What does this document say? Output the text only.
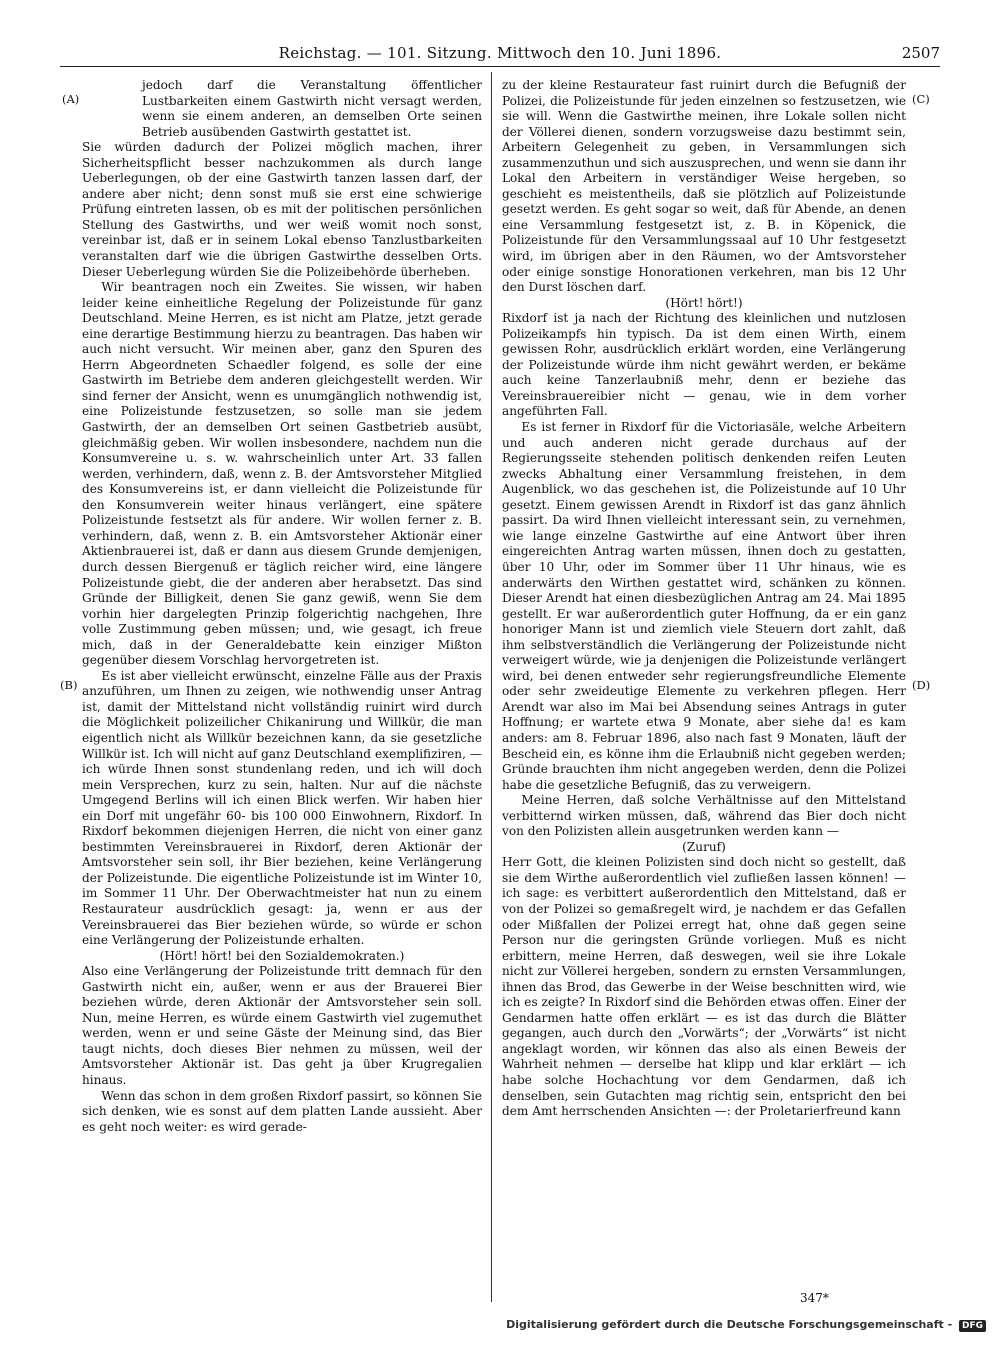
Reichstag. — 101. Sitzung. Mittwoch den 10. Juni 1896.	2507
(A)
(B)
(C)
(D)

jedoch darf die Veranstaltung öffentlicher Lustbarkeiten einem Gastwirth nicht versagt werden, wenn sie einem anderen, an demselben Orte seinen Betrieb ausübenden Gastwirth gestattet ist.

Sie würden dadurch der Polizei möglich machen, ihrer Sicherheitspflicht besser nachzukommen als durch lange Ueberlegungen, ob der eine Gastwirth tanzen lassen darf, der andere aber nicht; denn sonst muß sie erst eine schwierige Prüfung eintreten lassen, ob es mit der politischen persönlichen Stellung des Gastwirths, und wer weiß womit noch sonst, vereinbar ist, daß er in seinem Lokal ebenso Tanzlustbarkeiten veranstalten darf wie die übrigen Gastwirthe desselben Orts. Dieser Ueberlegung würden Sie die Polizeibehörde überheben.

Wir beantragen noch ein Zweites. Sie wissen, wir haben leider keine einheitliche Regelung der Polizeistunde für ganz Deutschland. Meine Herren, es ist nicht am Platze, jetzt gerade eine derartige Bestimmung hierzu zu beantragen. Das haben wir auch nicht versucht. Wir meinen aber, ganz den Spuren des Herrn Abgeordneten Schaedler folgend, es solle der eine Gastwirth im Betriebe dem anderen gleichgestellt werden. Wir sind ferner der Ansicht, wenn es unumgänglich nothwendig ist, eine Polizeistunde festzusetzen, so solle man sie jedem Gastwirth, der an demselben Ort seinen Gastbetrieb ausübt, gleichmäßig geben. Wir wollen insbesondere, nachdem nun die Konsumvereine u. s. w. wahrscheinlich unter Art. 33 fallen werden, verhindern, daß, wenn z. B. der Amtsvorsteher Mitglied des Konsumvereins ist, er dann vielleicht die Polizeistunde für den Konsumverein weiter hinaus verlängert, eine spätere Polizeistunde festsetzt als für andere. Wir wollen ferner z. B. verhindern, daß, wenn z. B. ein Amtsvorsteher Aktionär einer Aktienbrauerei ist, daß er dann aus diesem Grunde demjenigen, durch dessen Biergenuß er täglich reicher wird, eine längere Polizeistunde giebt, die der anderen aber herabsetzt. Das sind Gründe der Billigkeit, denen Sie ganz gewiß, wenn Sie dem vorhin hier dargelegten Prinzip folgerichtig nachgehen, Ihre volle Zustimmung geben müssen; und, wie gesagt, ich freue mich, daß in der Generaldebatte kein einziger Mißton gegenüber diesem Vorschlag hervorgetreten ist.

Es ist aber vielleicht erwünscht, einzelne Fälle aus der Praxis anzuführen, um Ihnen zu zeigen, wie nothwendig unser Antrag ist, damit der Mittelstand nicht vollständig ruinirt wird durch die Möglichkeit polizeilicher Chikanirung und Willkür, die man eigentlich nicht als Willkür bezeichnen kann, da sie gesetzliche Willkür ist. Ich will nicht auf ganz Deutschland exemplifiziren, — ich würde Ihnen sonst stundenlang reden, und ich will doch mein Versprechen, kurz zu sein, halten. Nur auf die nächste Umgegend Berlins will ich einen Blick werfen. Wir haben hier ein Dorf mit ungefähr 60- bis 100 000 Einwohnern, Rixdorf. In Rixdorf bekommen diejenigen Herren, die nicht von einer ganz bestimmten Vereinsbrauerei in Rixdorf, deren Aktionär der Amtsvorsteher sein soll, ihr Bier beziehen, keine Verlängerung der Polizeistunde. Die eigentliche Polizeistunde ist im Winter 10, im Sommer 11 Uhr. Der Oberwachtmeister hat nun zu einem Restaurateur ausdrücklich gesagt: ja, wenn er aus der Vereinsbrauerei das Bier beziehen würde, so würde er schon eine Verlängerung der Polizeistunde erhalten.

(Hört! hört! bei den Sozialdemokraten.)

Also eine Verlängerung der Polizeistunde tritt demnach für den Gastwirth nicht ein, außer, wenn er aus der Brauerei Bier beziehen würde, deren Aktionär der Amtsvorsteher sein soll. Nun, meine Herren, es würde einem Gastwirth viel zugemuthet werden, wenn er und seine Gäste der Meinung sind, das Bier taugt nichts, doch dieses Bier nehmen zu müssen, weil der Amtsvorsteher Aktionär ist. Das geht ja über Krugregalien hinaus.

Wenn das schon in dem großen Rixdorf passirt, so können Sie sich denken, wie es sonst auf dem platten Lande aussieht. Aber es geht noch weiter: es wird gerade-

zu der kleine Restaurateur fast ruinirt durch die Befugniß der Polizei, die Polizeistunde für jeden einzelnen so festzusetzen, wie sie will. Wenn die Gastwirthe meinen, ihre Lokale sollen nicht der Völlerei dienen, sondern vorzugsweise dazu bestimmt sein, Arbeitern Gelegenheit zu geben, in Versammlungen sich zusammenzuthun und sich auszusprechen, und wenn sie dann ihr Lokal den Arbeitern in verständiger Weise hergeben, so geschieht es meistentheils, daß sie plötzlich auf Polizeistunde gesetzt werden. Es geht sogar so weit, daß für Abende, an denen eine Versammlung festgesetzt ist, z. B. in Köpenick, die Polizeistunde für den Versammlungssaal auf 10 Uhr festgesetzt wird, im übrigen aber in den Räumen, wo der Amtsvorsteher oder einige sonstige Honorationen verkehren, man bis 12 Uhr den Durst löschen darf.

(Hört! hört!)

Rixdorf ist ja nach der Richtung des kleinlichen und nutzlosen Polizeikampfs hin typisch. Da ist dem einen Wirth, einem gewissen Rohr, ausdrücklich erklärt worden, eine Verlängerung der Polizeistunde würde ihm nicht gewährt werden, er bekäme auch keine Tanzerlaubniß mehr, denn er beziehe das Vereinsbrauereibier nicht — genau, wie in dem vorher angeführten Fall.

Es ist ferner in Rixdorf für die Victoriasäle, welche Arbeitern und auch anderen nicht gerade durchaus auf der Regierungsseite stehenden politisch denkenden reifen Leuten zwecks Abhaltung einer Versammlung freistehen, in dem Augenblick, wo das geschehen ist, die Polizeistunde auf 10 Uhr gesetzt. Einem gewissen Arendt in Rixdorf ist das ganz ähnlich passirt. Da wird Ihnen vielleicht interessant sein, zu vernehmen, wie lange einzelne Gastwirthe auf eine Antwort über ihren eingereichten Antrag warten müssen, ihnen doch zu gestatten, über 10 Uhr, oder im Sommer über 11 Uhr hinaus, wie es anderwärts den Wirthen gestattet wird, schänken zu können. Dieser Arendt hat einen diesbezüglichen Antrag am 24. Mai 1895 gestellt. Er war außerordentlich guter Hoffnung, da er ein ganz honoriger Mann ist und ziemlich viele Steuern dort zahlt, daß ihm selbstverständlich die Verlängerung der Polizeistunde nicht verweigert würde, wie ja denjenigen die Polizeistunde verlängert wird, bei denen entweder sehr regierungsfreundliche Elemente oder sehr zweideutige Elemente zu verkehren pflegen. Herr Arendt war also im Mai bei Absendung seines Antrags in guter Hoffnung; er wartete etwa 9 Monate, aber siehe da! es kam anders: am 8. Februar 1896, also nach fast 9 Monaten, läuft der Bescheid ein, es könne ihm die Erlaubniß nicht gegeben werden; Gründe brauchten ihm nicht angegeben werden, denn die Polizei habe die gesetzliche Befugniß, das zu verweigern.

Meine Herren, daß solche Verhältnisse auf den Mittelstand verbitternd wirken müssen, daß, während das Bier doch nicht von den Polizisten allein ausgetrunken werden kann —

(Zuruf)

Herr Gott, die kleinen Polizisten sind doch nicht so gestellt, daß sie dem Wirthe außerordentlich viel zufließen lassen können! — ich sage: es verbittert außerordentlich den Mittelstand, daß er von der Polizei so gemaßregelt wird, je nachdem er das Gefallen oder Mißfallen der Polizei erregt hat, ohne daß gegen seine Person nur die geringsten Gründe vorliegen. Muß es nicht erbittern, meine Herren, daß deswegen, weil sie ihre Lokale nicht zur Völlerei hergeben, sondern zu ernsten Versammlungen, ihnen das Brod, das Gewerbe in der Weise beschnitten wird, wie ich es zeigte? In Rixdorf sind die Behörden etwas offen. Einer der Gendarmen hatte offen erklärt — es ist das durch die Blätter gegangen, auch durch den „Vorwärts“; der „Vorwärts“ ist nicht angeklagt worden, wir können das also als einen Beweis der Wahrheit nehmen — derselbe hat klipp und klar erklärt — ich habe solche Hochachtung vor dem Gendarmen, daß ich denselben, sein Gutachten mag richtig sein, entspricht den bei dem Amt herrschenden Ansichten —: der Proletarierfreund kann

347*
Digitalisierung gefördert durch die Deutsche Forschungsgemeinschaft - DFG
